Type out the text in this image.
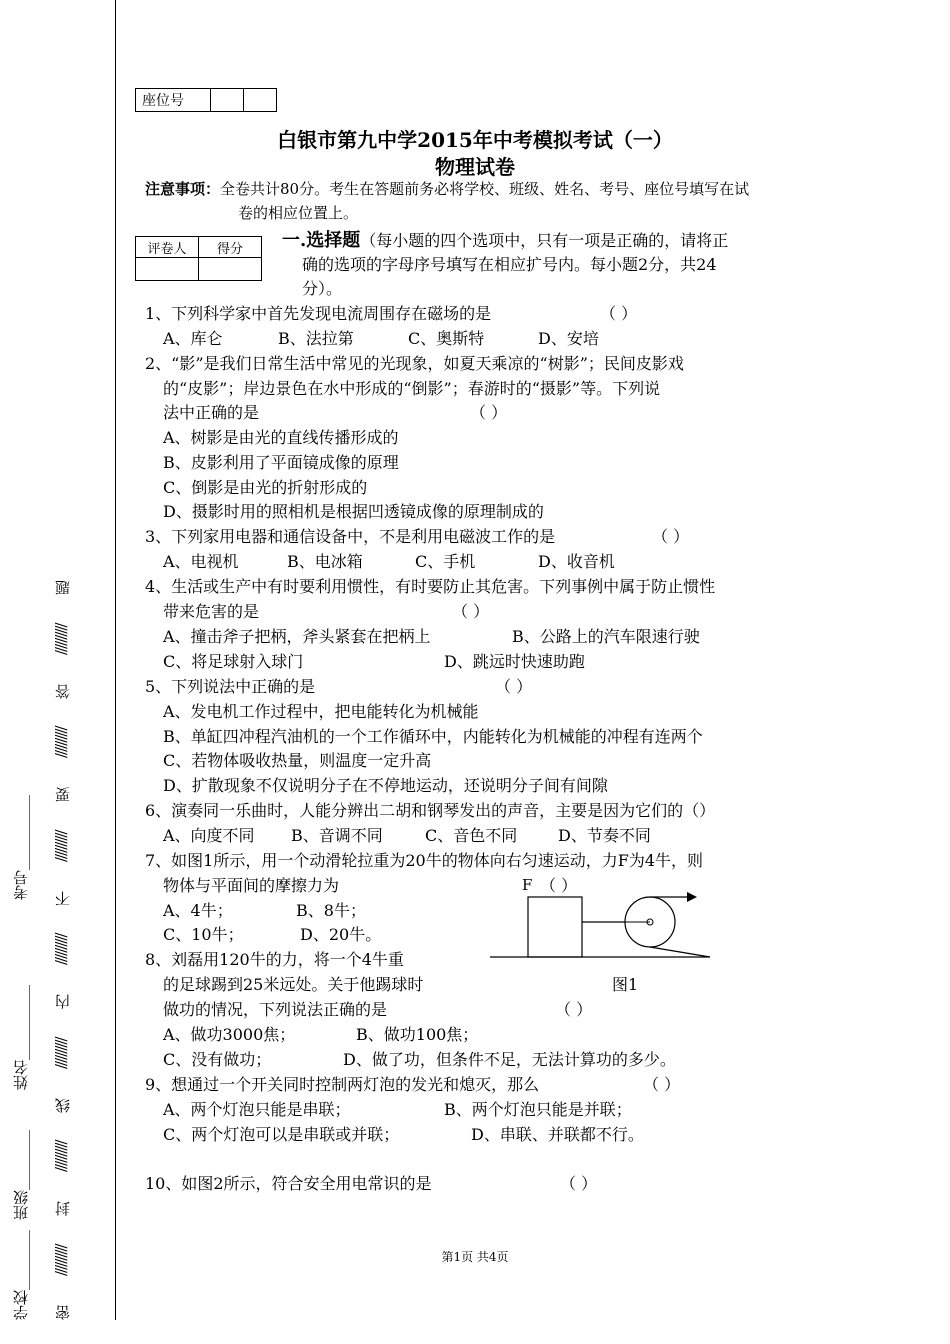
学校________
班级________
姓名__________
考号__________
密
//////////
封
//////////
线
//////////
内
//////////
不
//////////
要
//////////
答
//////////
题
座位号		
白银市第九中学2015年中考模拟考试（一）
物理试卷
注意事项：全卷共计80分。考生在答题前务必将学校、班级、姓名、考号、座位号填写在试
卷的相应位置上。
评卷人	得分
	一.选择题（每小题的四个选项中，只有一项是正确的，请将正
确的选项的字母序号填写在相应扩号内。每小题2分，共24
分）。
1、下列科学家中首先发现电流周围存在磁场的是	（ ）
A、库仑	B、法拉第	C、奥斯特	D、安培
2、“影”是我们日常生活中常见的光现象，如夏天乘凉的“树影”；民间皮影戏
的“皮影”；岸边景色在水中形成的“倒影”；春游时的“摄影”等。下列说
法中正确的是	（ ）
A、树影是由光的直线传播形成的
B、皮影利用了平面镜成像的原理
C、倒影是由光的折射形成的
D、摄影时用的照相机是根据凹透镜成像的原理制成的
3、下列家用电器和通信设备中，不是利用电磁波工作的是	（ ）
A、电视机	B、电冰箱	C、手机	D、收音机
4、生活或生产中有时要利用惯性，有时要防止其危害。下列事例中属于防止惯性
带来危害的是	（ ）
A、撞击斧子把柄，斧头紧套在把柄上	B、公路上的汽车限速行驶
C、将足球射入球门	D、跳远时快速助跑
5、下列说法中正确的是	（ ）
A、发电机工作过程中，把电能转化为机械能
B、单缸四冲程汽油机的一个工作循环中，内能转化为机械能的冲程有连两个
C、若物体吸收热量，则温度一定升高
D、扩散现象不仅说明分子在不停地运动，还说明分子间有间隙
6、演奏同一乐曲时，人能分辨出二胡和钢琴发出的声音，主要是因为它们的（）
A、向度不同 B、音调不同	C、音色不同	D、节奏不同
7、如图1所示，用一个动滑轮拉重为20牛的物体向右匀速运动，力F为4牛，则
物体与平面间的摩擦力为	（ ）
A、4牛；	B、8牛；
C、10牛；	D、20牛。
F
图1
8、刘磊用120牛的力，将一个4牛重
的足球踢到25米远处。关于他踢球时
做功的情况，下列说法正确的是	（ ）
A、做功3000焦；	B、做功100焦；
C、没有做功；	D、做了功，但条件不足，无法计算功的多少。
9、想通过一个开关同时控制两灯泡的发光和熄灭，那么	（ ）
A、两个灯泡只能是串联；	B、两个灯泡只能是并联；
C、两个灯泡可以是串联或并联；	D、串联、并联都不行。
10、如图2所示，符合安全用电常识的是	（ ）
第1页 共4页
